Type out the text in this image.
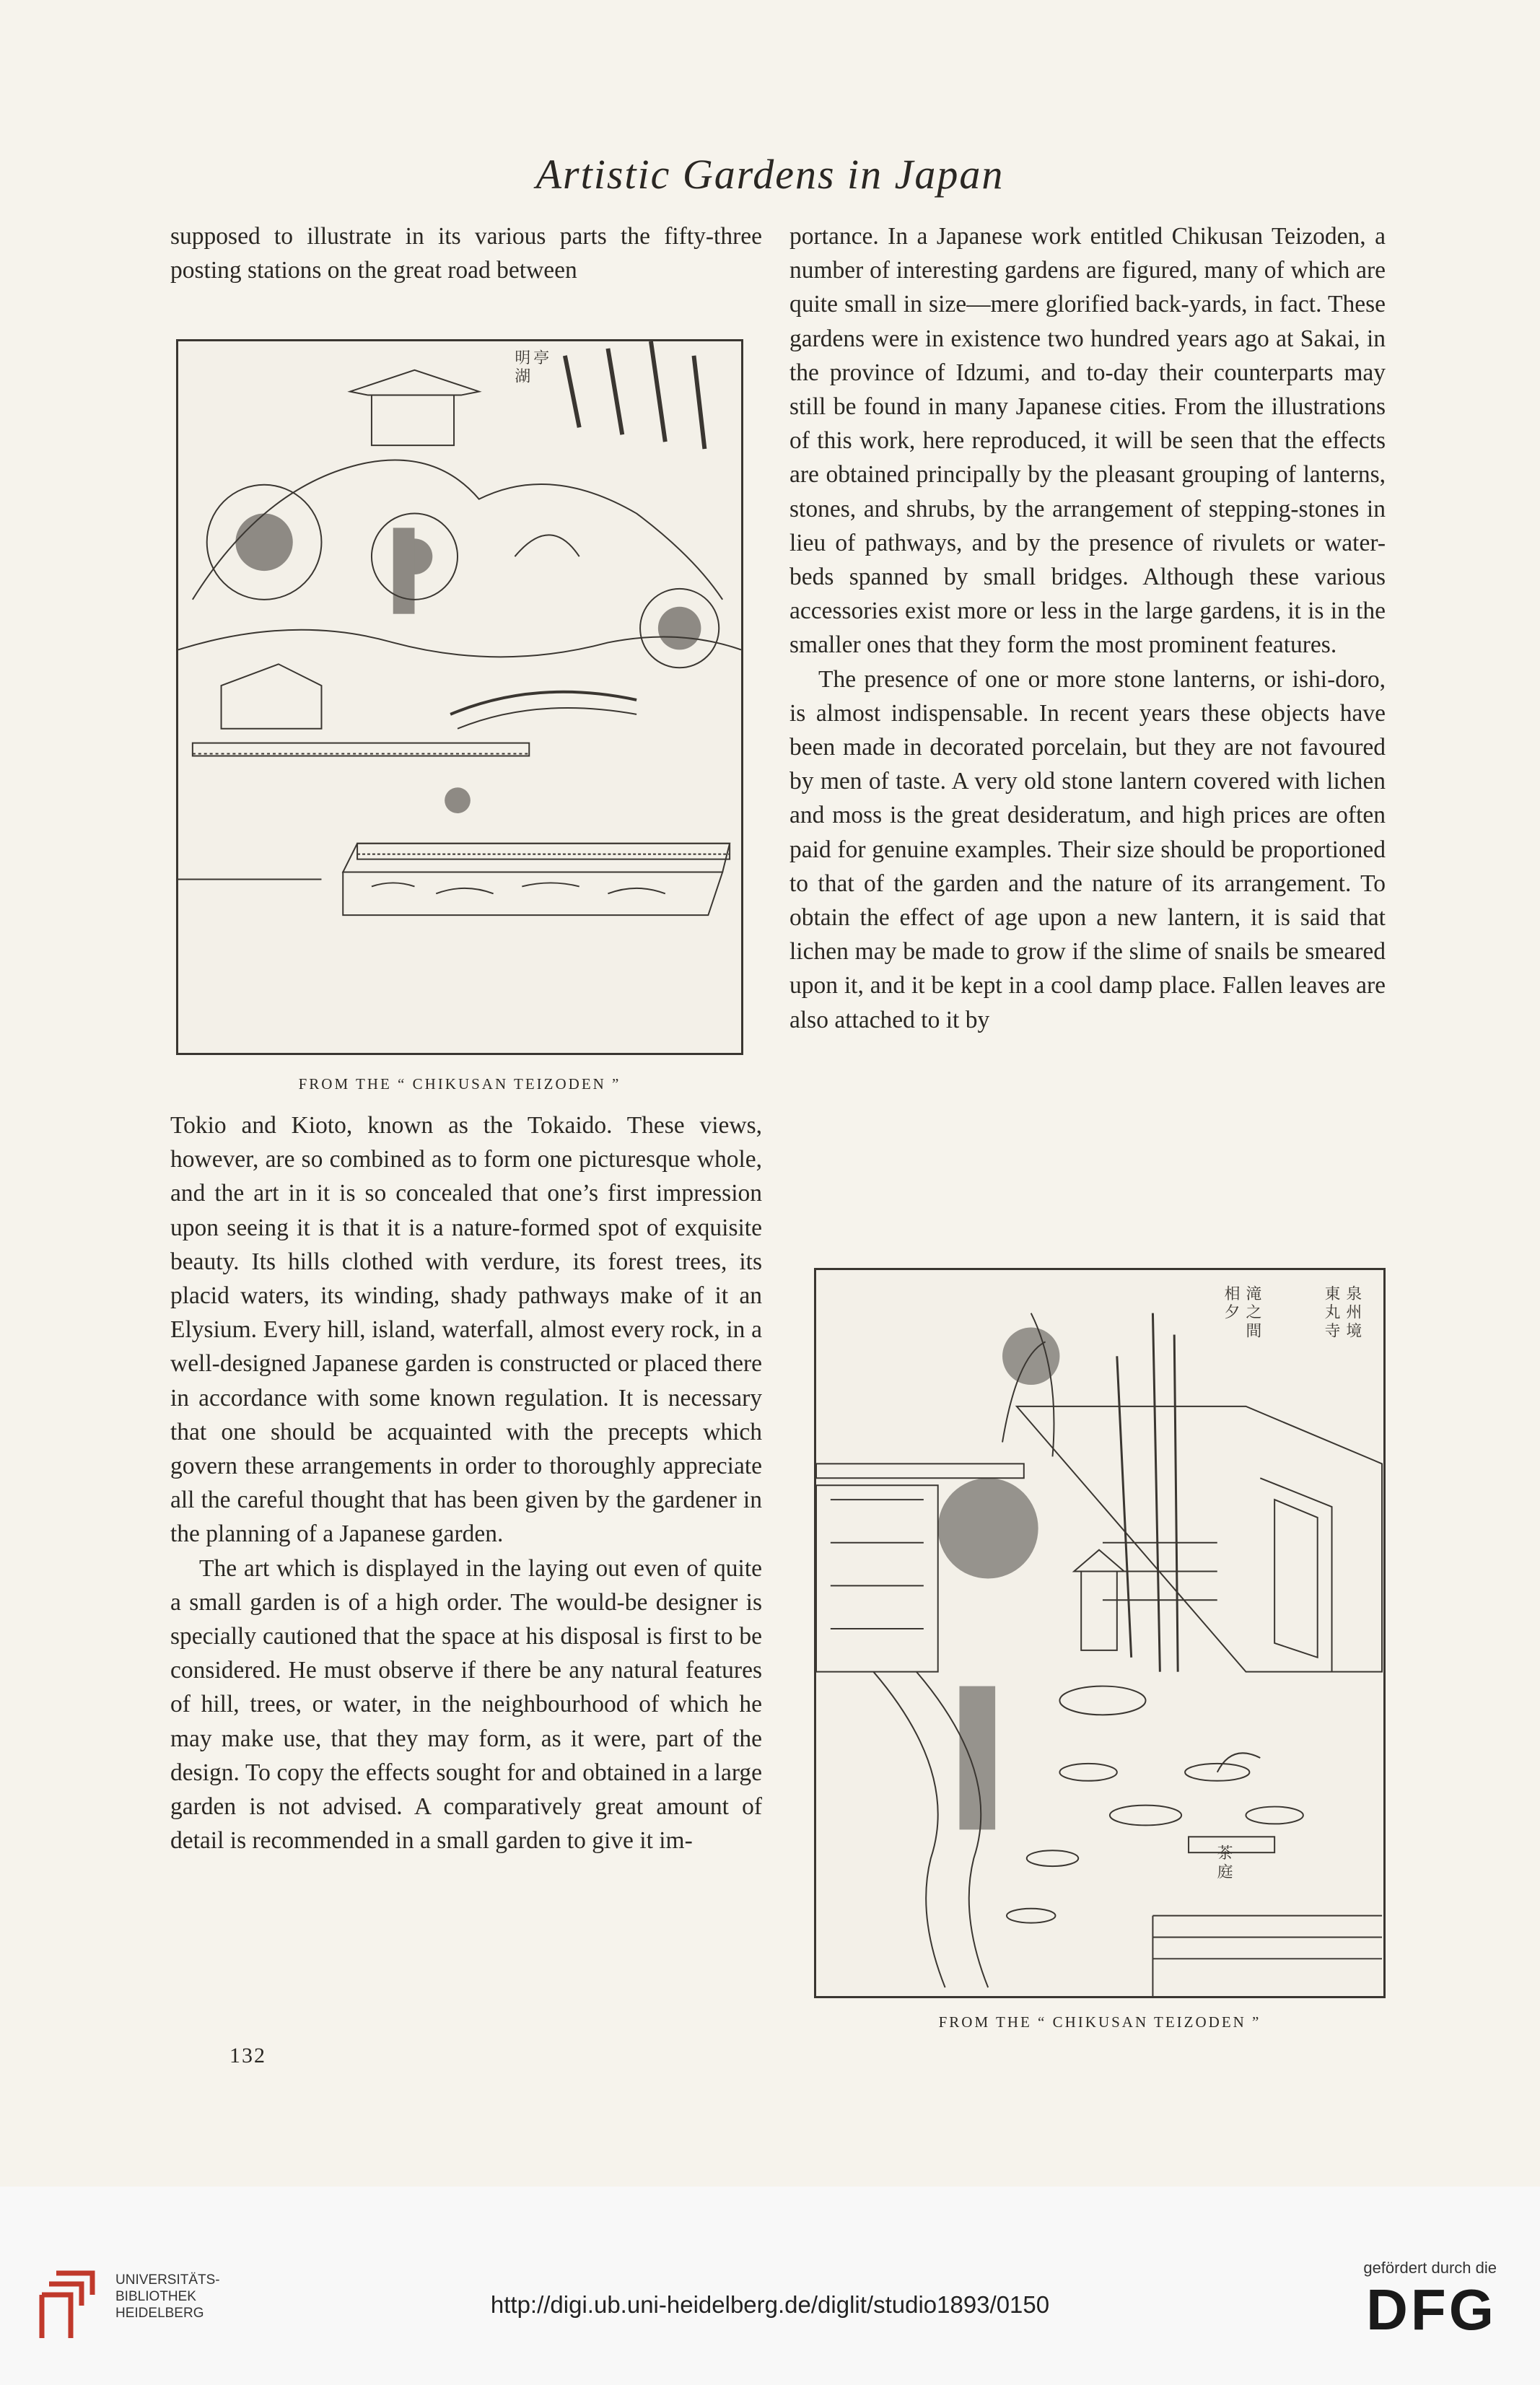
Artistic Gardens in Japan

supposed to illustrate in its various parts the fifty-three posting stations on the great road between

明
湖
亭
FROM THE “ CHIKUSAN TEIZODEN ”

Tokio and Kioto, known as the Tokaido. These views, however, are so combined as to form one picturesque whole, and the art in it is so concealed that one’s first impression upon seeing it is that it is a nature-formed spot of exquisite beauty. Its hills clothed with verdure, its forest trees, its placid waters, its winding, shady pathways make of it an Elysium. Every hill, island, waterfall, almost every rock, in a well-designed Japanese garden is constructed or placed there in accordance with some known regulation. It is necessary that one should be acquainted with the precepts which govern these arrangements in order to thoroughly appreciate all the careful thought that has been given by the gardener in the planning of a Japanese garden.

The art which is displayed in the laying out even of quite a small garden is of a high order. The would-be designer is specially cautioned that the space at his disposal is first to be considered. He must observe if there be any natural features of hill, trees, or water, in the neighbourhood of which he may make use, that they may form, as it were, part of the design. To copy the effects sought for and obtained in a large garden is not advised. A comparatively great amount of detail is recommended in a small garden to give it im-

portance. In a Japanese work entitled Chikusan Teizoden, a number of interesting gardens are figured, many of which are quite small in size—mere glorified back-yards, in fact. These gardens were in existence two hundred years ago at Sakai, in the province of Idzumi, and to-day their counterparts may still be found in many Japanese cities. From the illustrations of this work, here reproduced, it will be seen that the effects are obtained principally by the pleasant grouping of lanterns, stones, and shrubs, by the arrangement of stepping-stones in lieu of pathways, and by the presence of rivulets or water-beds spanned by small bridges. Although these various accessories exist more or less in the large gardens, it is in the smaller ones that they form the most prominent features.

The presence of one or more stone lanterns, or ishi-doro, is almost indispensable. In recent years these objects have been made in decorated porcelain, but they are not favoured by men of taste. A very old stone lantern covered with lichen and moss is the great desideratum, and high prices are often paid for genuine examples. Their size should be proportioned to that of the garden and the nature of its arrangement. To obtain the effect of age upon a new lantern, it is said that lichen may be made to grow if the slime of snails be smeared upon it, and it be kept in a cool damp place. Fallen leaves are also attached to it by

泉
州
境
東
丸
寺
滝
之
間
相
夕
茶
庭
FROM THE “ CHIKUSAN TEIZODEN ”
132
UNIVERSITÄTS-
BIBLIOTHEK
HEIDELBERG	http://digi.ub.uni-heidelberg.de/diglit/studio1893/0150
gefördert durch die
DFG
